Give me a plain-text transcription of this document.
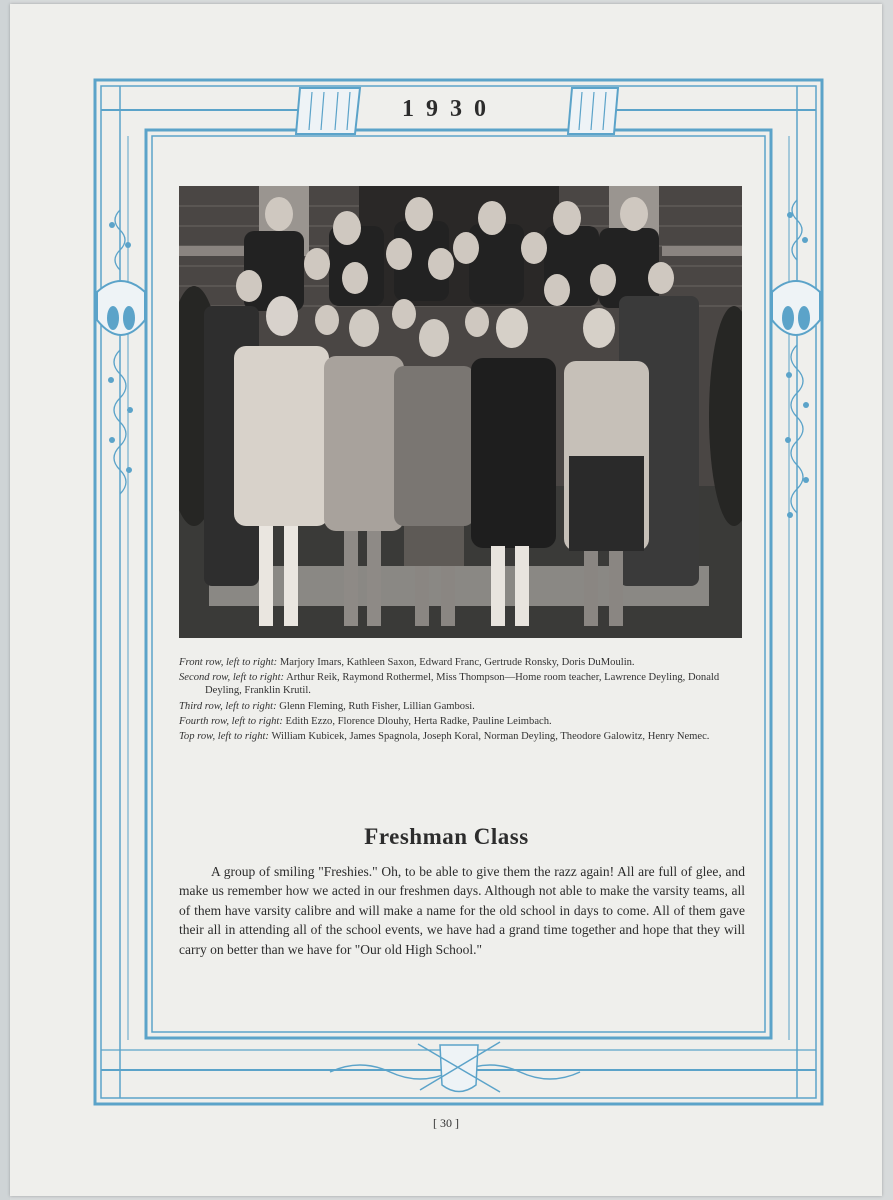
1930

Front row, left to right: Marjory Imars, Kathleen Saxon, Edward Franc, Gertrude Ronsky, Doris DuMoulin.

Second row, left to right: Arthur Reik, Raymond Rothermel, Miss Thompson—Home room teacher, Lawrence Deyling, Donald Deyling, Franklin Krutil.

Third row, left to right: Glenn Fleming, Ruth Fisher, Lillian Gambosi.

Fourth row, left to right: Edith Ezzo, Florence Dlouhy, Herta Radke, Pauline Leimbach.

Top row, left to right: William Kubicek, James Spagnola, Joseph Koral, Norman Deyling, Theodore Galowitz, Henry Nemec.

Freshman Class
A group of smiling "Freshies." Oh, to be able to give them the razz again! All are full of glee, and make us remember how we acted in our freshmen days. Although not able to make the varsity teams, all of them have varsity calibre and will make a name for the old school in days to come. All of them gave their all in attending all of the school events, we have had a grand time together and hope that they will carry on better than we have for "Our old High School."
[ 30 ]
